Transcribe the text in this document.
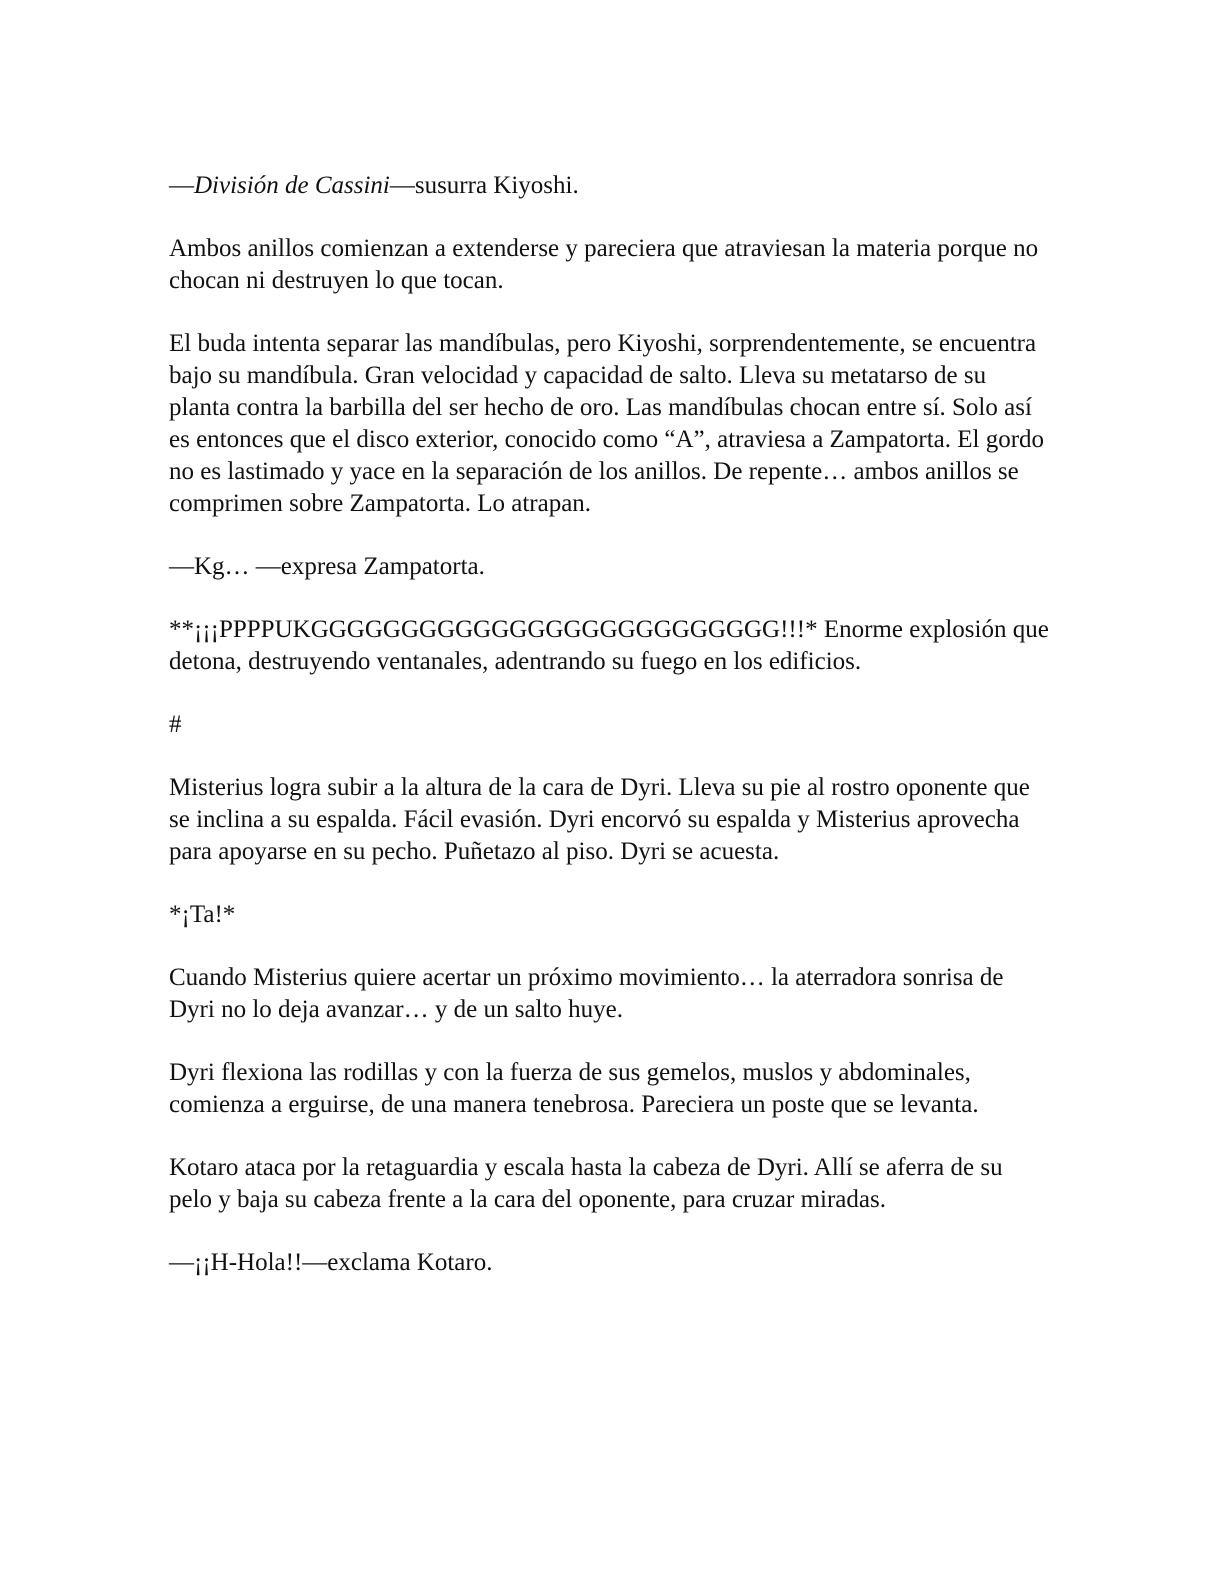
—División de Cassini—susurra Kiyoshi.

Ambos anillos comienzan a extenderse y pareciera que atraviesan la materia porque no chocan ni destruyen lo que tocan.

El buda intenta separar las mandíbulas, pero Kiyoshi, sorprendentemente, se encuentra bajo su mandíbula. Gran velocidad y capacidad de salto. Lleva su metatarso de su planta contra la barbilla del ser hecho de oro. Las mandíbulas chocan entre sí. Solo así es entonces que el disco exterior, conocido como “A”, atraviesa a Zampatorta. El gordo no es lastimado y yace en la separación de los anillos. De repente… ambos anillos se comprimen sobre Zampatorta. Lo atrapan.

—Kg… —expresa Zampatorta.

**¡¡¡PPPPUKGGGGGGGGGGGGGGGGGGGGGGGGGG!!!* Enorme explosión que detona, destruyendo ventanales, adentrando su fuego en los edificios.

#

Misterius logra subir a la altura de la cara de Dyri. Lleva su pie al rostro oponente que se inclina a su espalda. Fácil evasión. Dyri encorvó su espalda y Misterius aprovecha para apoyarse en su pecho. Puñetazo al piso. Dyri se acuesta.

*¡Ta!*

Cuando Misterius quiere acertar un próximo movimiento… la aterradora sonrisa de Dyri no lo deja avanzar… y de un salto huye.

Dyri flexiona las rodillas y con la fuerza de sus gemelos, muslos y abdominales, comienza a erguirse, de una manera tenebrosa. Pareciera un poste que se levanta.

Kotaro ataca por la retaguardia y escala hasta la cabeza de Dyri. Allí se aferra de su pelo y baja su cabeza frente a la cara del oponente, para cruzar miradas.

—¡¡H-Hola!!—exclama Kotaro.
